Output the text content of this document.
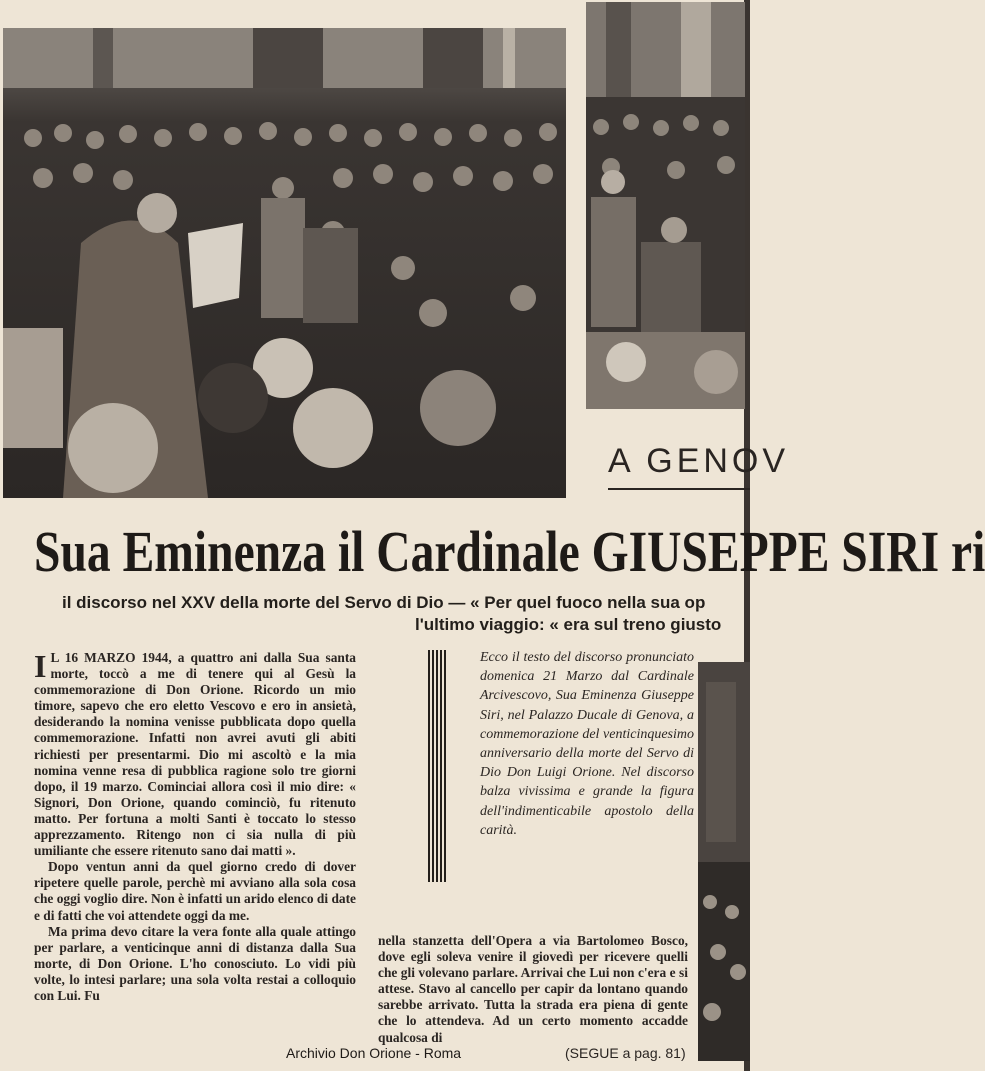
A GENOV
Sua Eminenza il Cardinale GIUSEPPE SIRI ri
il discorso nel XXV della morte del Servo di Dio — « Per quel fuoco nella sua op
l'ultimo viaggio: « era sul treno giusto

I L 16 MARZO 1944, a quattro ani dalla Sua santa morte, toccò a me di tenere qui al Gesù la commemorazione di Don Orione. Ricordo un mio timore, sapevo che ero eletto Vescovo e ero in ansietà, desiderando la nomina venisse pubblicata dopo quella commemorazione. Infatti non avrei avuti gli abiti richiesti per presentarmi. Dio mi ascoltò e la mia nomina venne resa di pubblica ragione solo tre giorni dopo, il 19 marzo. Cominciai allora così il mio dire: « Signori, Don Orione, quando cominciò, fu ritenuto matto. Per fortuna a molti Santi è toccato lo stesso apprezzamento. Ritengo non ci sia nulla di più umiliante che essere ritenuto sano dai matti ».

Dopo ventun anni da quel giorno credo di dover ripetere quelle parole, perchè mi avviano alla sola cosa che oggi voglio dire. Non è infatti un arido elenco di date e di fatti che voi attendete oggi da me.

Ma prima devo citare la vera fonte alla quale attingo per parlare, a venticinque anni di distanza dalla Sua morte, di Don Orione. L'ho conosciuto. Lo vidi più volte, lo intesi parlare; una sola volta restai a colloquio con Lui. Fu

Ecco il testo del discorso pronunciato domenica 21 Marzo dal Cardinale Arcivescovo, Sua Eminenza Giuseppe Siri, nel Palazzo Ducale di Genova, a commemorazione del venticinquesimo anniversario della morte del Servo di Dio Don Luigi Orione. Nel discorso balza vivissima e grande la figura dell'indimenticabile apostolo della carità.
nella stanzetta dell'Opera a via Bartolomeo Bosco, dove egli soleva venire il giovedì per ricevere quelli che gli volevano parlare. Arrivai che Lui non c'era e si attese. Stavo al cancello per capir da lontano quando sarebbe arrivato. Tutta la strada era piena di gente che lo attendeva. Ad un certo momento accadde qualcosa di
Archivio Don Orione - Roma	(SEGUE a pag. 81)
